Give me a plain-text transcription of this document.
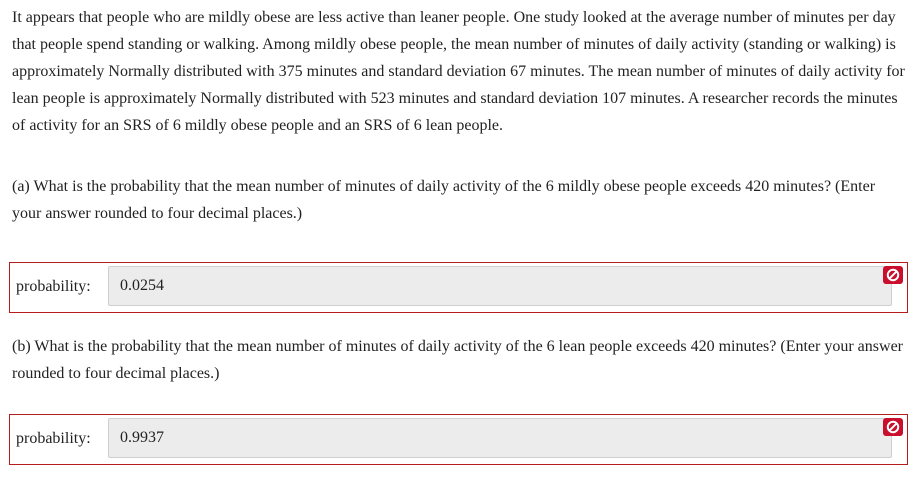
It appears that people who are mildly obese are less active than leaner people. One study looked at the average number of minutes per day that people spend standing or walking. Among mildly obese people, the mean number of minutes of daily activity (standing or walking) is approximately Normally distributed with 375 minutes and standard deviation 67 minutes. The mean number of minutes of daily activity for lean people is approximately Normally distributed with 523 minutes and standard deviation 107 minutes. A researcher records the minutes of activity for an SRS of 6 mildly obese people and an SRS of 6 lean people.

(a) What is the probability that the mean number of minutes of daily activity of the 6 mildly obese people exceeds 420 minutes? (Enter your answer rounded to four decimal places.)

probability:
0.0254

(b) What is the probability that the mean number of minutes of daily activity of the 6 lean people exceeds 420 minutes? (Enter your answer rounded to four decimal places.)

probability:
0.9937
